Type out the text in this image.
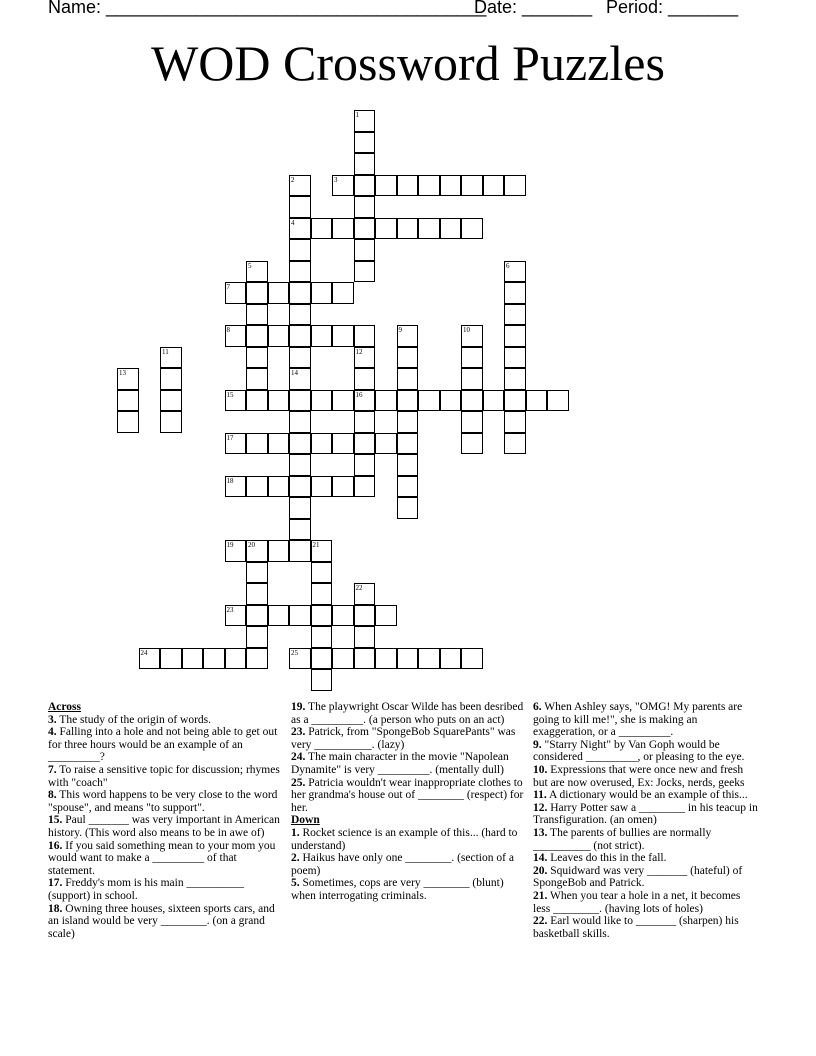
Name: ______________________________________
Date: _______ Period: _______
WOD Crossword Puzzles
3
4
7
8
15	16
17
18
19 20	21
23
24	25
1
2
14
5	6
9	10
11	12
13
22
Across
3. The study of the origin of words.
4. Falling into a hole and not being able to get out for three hours would be an example of an _________?
7. To raise a sensitive topic for discussion; rhymes with "coach"
8. This word happens to be very close to the word "spouse", and means "to support".
15. Paul _______ was very important in American history. (This word also means to be in awe of)
16. If you said something mean to your mom you would want to make a _________ of that statement.
17. Freddy's mom is his main __________ (support) in school.
18. Owning three houses, sixteen sports cars, and an island would be very ________. (on a grand scale)
19. The playwright Oscar Wilde has been desribed as a _________. (a person who puts on an act)
23. Patrick, from "SpongeBob SquarePants" was very __________. (lazy)
24. The main character in the movie "Napolean Dynamite" is very _________. (mentally dull)
25. Patricia wouldn't wear inappropriate clothes to her grandma's house out of ________ (respect) for her.
Down
1. Rocket science is an example of this... (hard to understand)
2. Haikus have only one ________. (section of a poem)
5. Sometimes, cops are very ________ (blunt) when interrogating criminals.
6. When Ashley says, "OMG! My parents are going to kill me!", she is making an exaggeration, or a _________.
9. "Starry Night" by Van Goph would be considered _________, or pleasing to the eye.
10. Expressions that were once new and fresh but are now overused, Ex: Jocks, nerds, geeks
11. A dictionary would be an example of this...
12. Harry Potter saw a ________ in his teacup in Transfiguration. (an omen)
13. The parents of bullies are normally __________ (not strict).
14. Leaves do this in the fall.
20. Squidward was very _______ (hateful) of SpongeBob and Patrick.
21. When you tear a hole in a net, it becomes less ________. (having lots of holes)
22. Earl would like to _______ (sharpen) his basketball skills.
